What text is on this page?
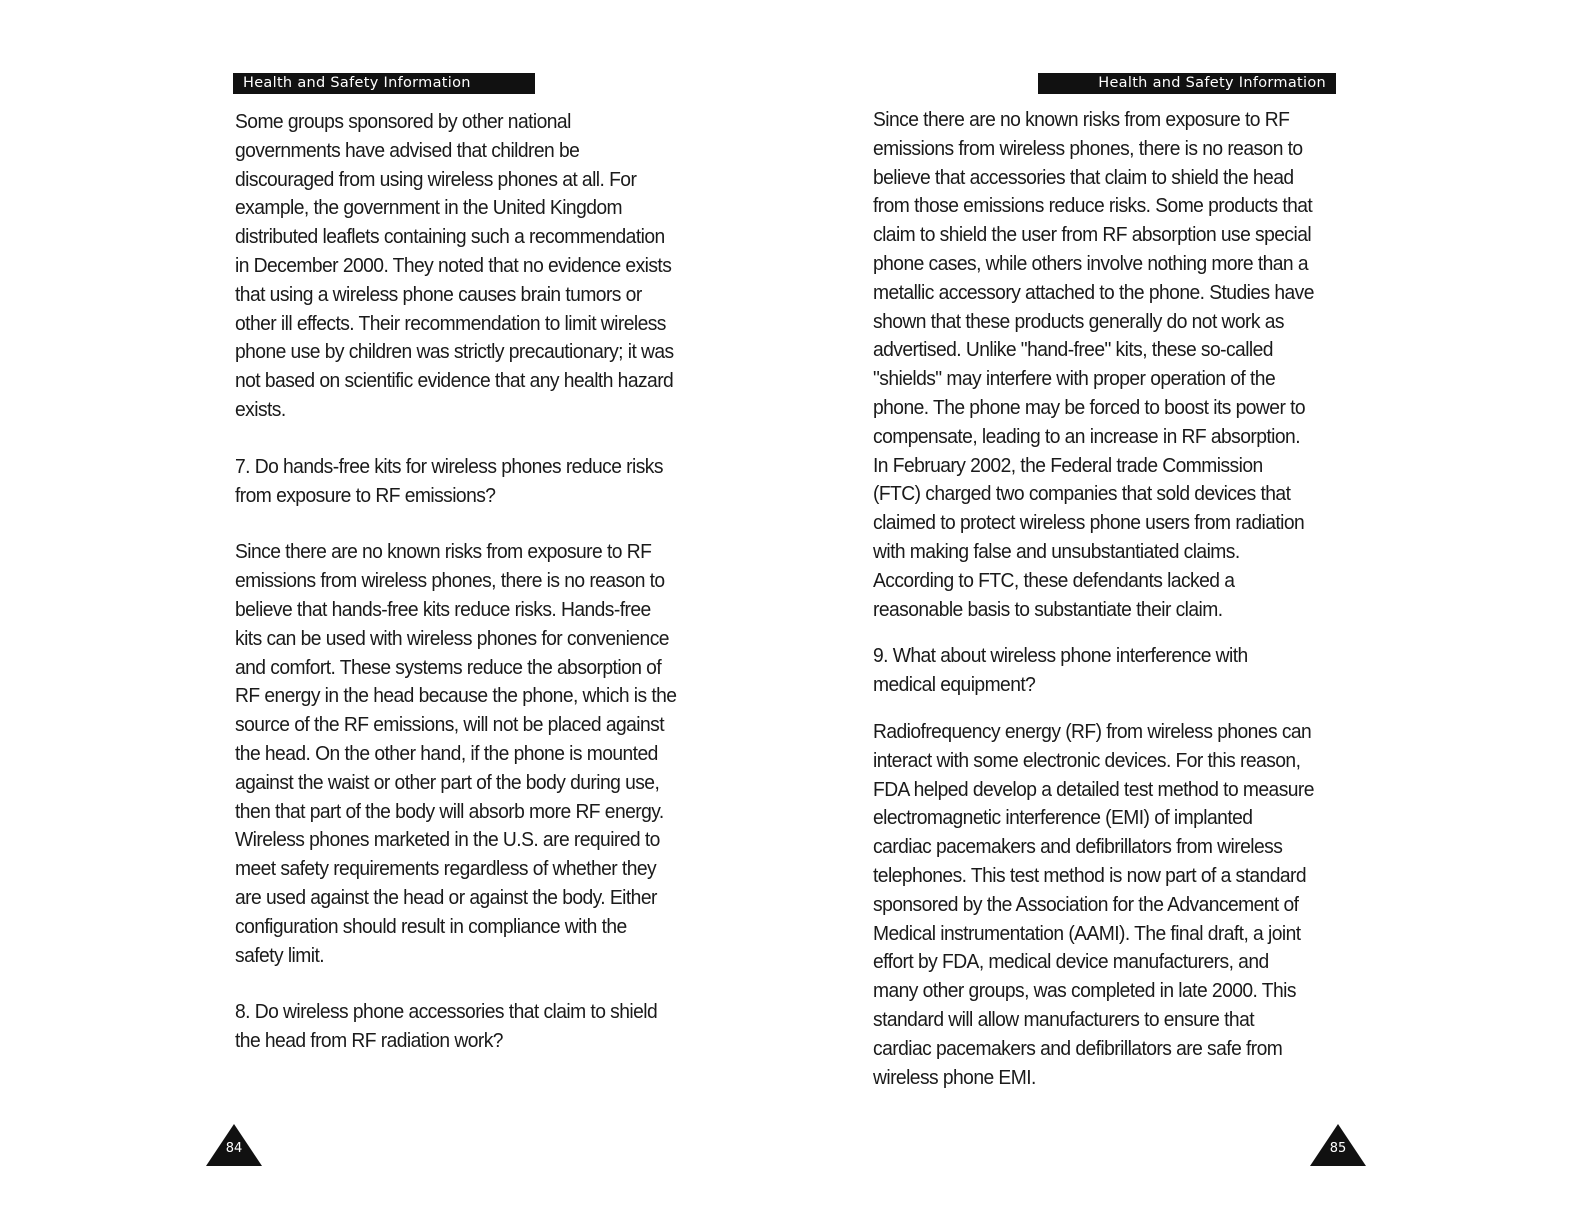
Health and Safety Information

Some groups sponsored by other national governments have advised that children be discouraged from using wireless phones at all. For example, the government in the United Kingdom distributed leaflets containing such a recommendation in December 2000. They noted that no evidence exists that using a wireless phone causes brain tumors or other ill effects. Their recommendation to limit wireless phone use by children was strictly precautionary; it was not based on scientific evidence that any health hazard exists.

7. Do hands-free kits for wireless phones reduce risks from exposure to RF emissions?

Since there are no known risks from exposure to RF emissions from wireless phones, there is no reason to believe that hands-free kits reduce risks. Hands-free kits can be used with wireless phones for convenience and comfort. These systems reduce the absorption of RF energy in the head because the phone, which is the source of the RF emissions, will not be placed against the head. On the other hand, if the phone is mounted against the waist or other part of the body during use, then that part of the body will absorb more RF energy. Wireless phones marketed in the U.S. are required to meet safety requirements regardless of whether they are used against the head or against the body. Either configuration should result in compliance with the safety limit.

8. Do wireless phone accessories that claim to shield the head from RF radiation work?

84
Health and Safety Information

Since there are no known risks from exposure to RF emissions from wireless phones, there is no reason to believe that accessories that claim to shield the head from those emissions reduce risks. Some products that claim to shield the user from RF absorption use special phone cases, while others involve nothing more than a metallic accessory attached to the phone. Studies have shown that these products generally do not work as advertised. Unlike "hand-free" kits, these so-called "shields" may interfere with proper operation of the phone. The phone may be forced to boost its power to compensate, leading to an increase in RF absorption. In February 2002, the Federal trade Commission (FTC) charged two companies that sold devices that claimed to protect wireless phone users from radiation with making false and unsubstantiated claims. According to FTC, these defendants lacked a reasonable basis to substantiate their claim.

9. What about wireless phone interference with medical equipment?

Radiofrequency energy (RF) from wireless phones can interact with some electronic devices. For this reason, FDA helped develop a detailed test method to measure electromagnetic interference (EMI) of implanted cardiac pacemakers and defibrillators from wireless telephones. This test method is now part of a standard sponsored by the Association for the Advancement of Medical instrumentation (AAMI). The final draft, a joint effort by FDA, medical device manufacturers, and many other groups, was completed in late 2000. This standard will allow manufacturers to ensure that cardiac pacemakers and defibrillators are safe from wireless phone EMI.

85
